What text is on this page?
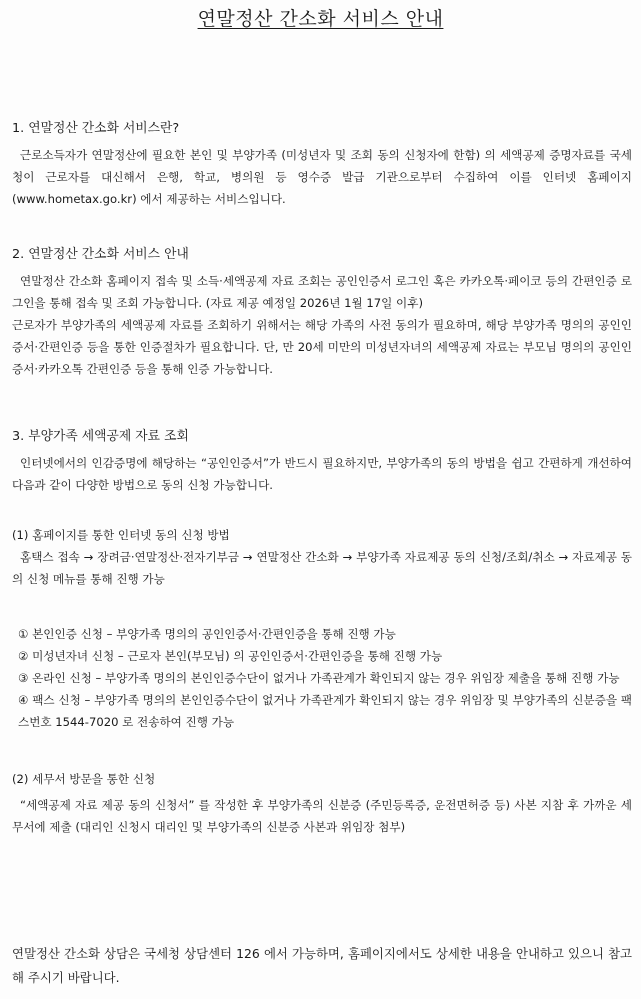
연말정산 간소화 서비스 안내
1. 연말정산 간소화 서비스란?

근로소득자가 연말정산에 필요한 본인 및 부양가족 (미성년자 및 조회 동의 신청자에 한함) 의 세액공제 증명자료를 국세청이 근로자를 대신해서 은행, 학교, 병의원 등 영수증 발급 기관으로부터 수집하여 이를 인터넷 홈페이지 (www.hometax.go.kr) 에서 제공하는 서비스입니다.

2. 연말정산 간소화 서비스 안내

연말정산 간소화 홈페이지 접속 및 소득·세액공제 자료 조회는 공인인증서 로그인 혹은 카카오톡·페이코 등의 간편인증 로그인을 통해 접속 및 조회 가능합니다. (자료 제공 예정일 2026년 1월 17일 이후)

근로자가 부양가족의 세액공제 자료를 조회하기 위해서는 해당 가족의 사전 동의가 필요하며, 해당 부양가족 명의의 공인인증서·간편인증 등을 통한 인증절차가 필요합니다. 단, 만 20세 미만의 미성년자녀의 세액공제 자료는 부모님 명의의 공인인증서·카카오톡 간편인증 등을 통해 인증 가능합니다.

3. 부양가족 세액공제 자료 조회

인터넷에서의 인감증명에 해당하는 “공인인증서”가 반드시 필요하지만, 부양가족의 동의 방법을 쉽고 간편하게 개선하여 다음과 같이 다양한 방법으로 동의 신청 가능합니다.

(1) 홈페이지를 통한 인터넷 동의 신청 방법

홈택스 접속 → 장려금·연말정산·전자기부금 → 연말정산 간소화 → 부양가족 자료제공 동의 신청/조회/취소 → 자료제공 동의 신청 메뉴를 통해 진행 가능

① 본인인증 신청 – 부양가족 명의의 공인인증서·간편인증을 통해 진행 가능

② 미성년자녀 신청 – 근로자 본인(부모님) 의 공인인증서·간편인증을 통해 진행 가능

③ 온라인 신청 – 부양가족 명의의 본인인증수단이 없거나 가족관계가 확인되지 않는 경우 위임장 제출을 통해 진행 가능

④ 팩스 신청 – 부양가족 명의의 본인인증수단이 없거나 가족관계가 확인되지 않는 경우 위임장 및 부양가족의 신분증을 팩스번호 1544-7020 로 전송하여 진행 가능

(2) 세무서 방문을 통한 신청

“세액공제 자료 제공 동의 신청서” 를 작성한 후 부양가족의 신분증 (주민등록증, 운전면허증 등) 사본 지참 후 가까운 세무서에 제출 (대리인 신청시 대리인 및 부양가족의 신분증 사본과 위임장 첨부)

연말정산 간소화 상담은 국세청 상담센터 126 에서 가능하며, 홈페이지에서도 상세한 내용을 안내하고 있으니 참고해 주시기 바랍니다.
